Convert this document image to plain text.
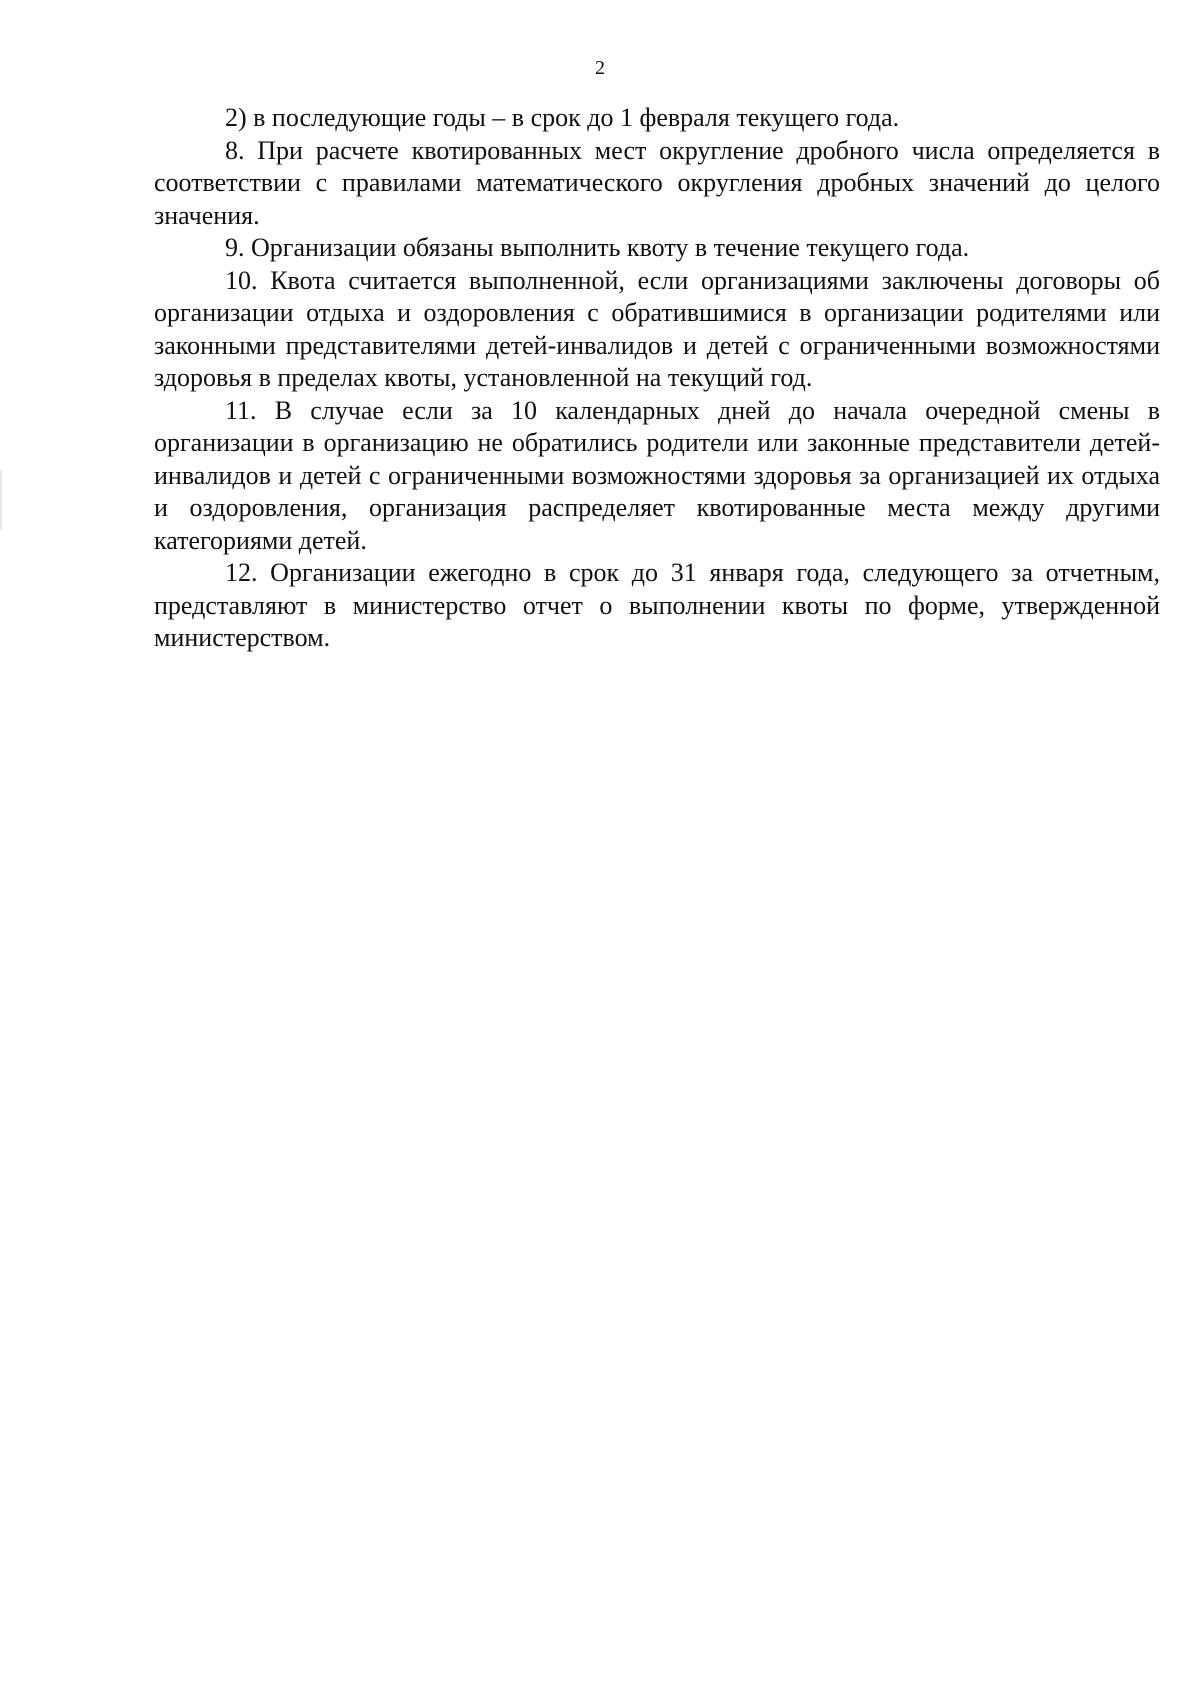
2

2) в последующие годы – в срок до 1 февраля текущего года.

8. При расчете квотированных мест округление дробного числа определяется в соответствии с правилами математического округления дробных значений до целого значения.

9. Организации обязаны выполнить квоту в течение текущего года.

10. Квота считается выполненной, если организациями заключены договоры об организации отдыха и оздоровления с обратившимися в организации родителями или законными представителями детей-инвалидов и детей с ограниченными возможностями здоровья в пределах квоты, установленной на текущий год.

11. В случае если за 10 календарных дней до начала очередной смены в организации в организацию не обратились родители или законные представители детей-инвалидов и детей с ограниченными возможностями здоровья за организацией их отдыха и оздоровления, организация распределяет квотированные места между другими категориями детей.

12. Организации ежегодно в срок до 31 января года, следующего за отчетным, представляют в министерство отчет о выполнении квоты по форме, утвержденной министерством.
